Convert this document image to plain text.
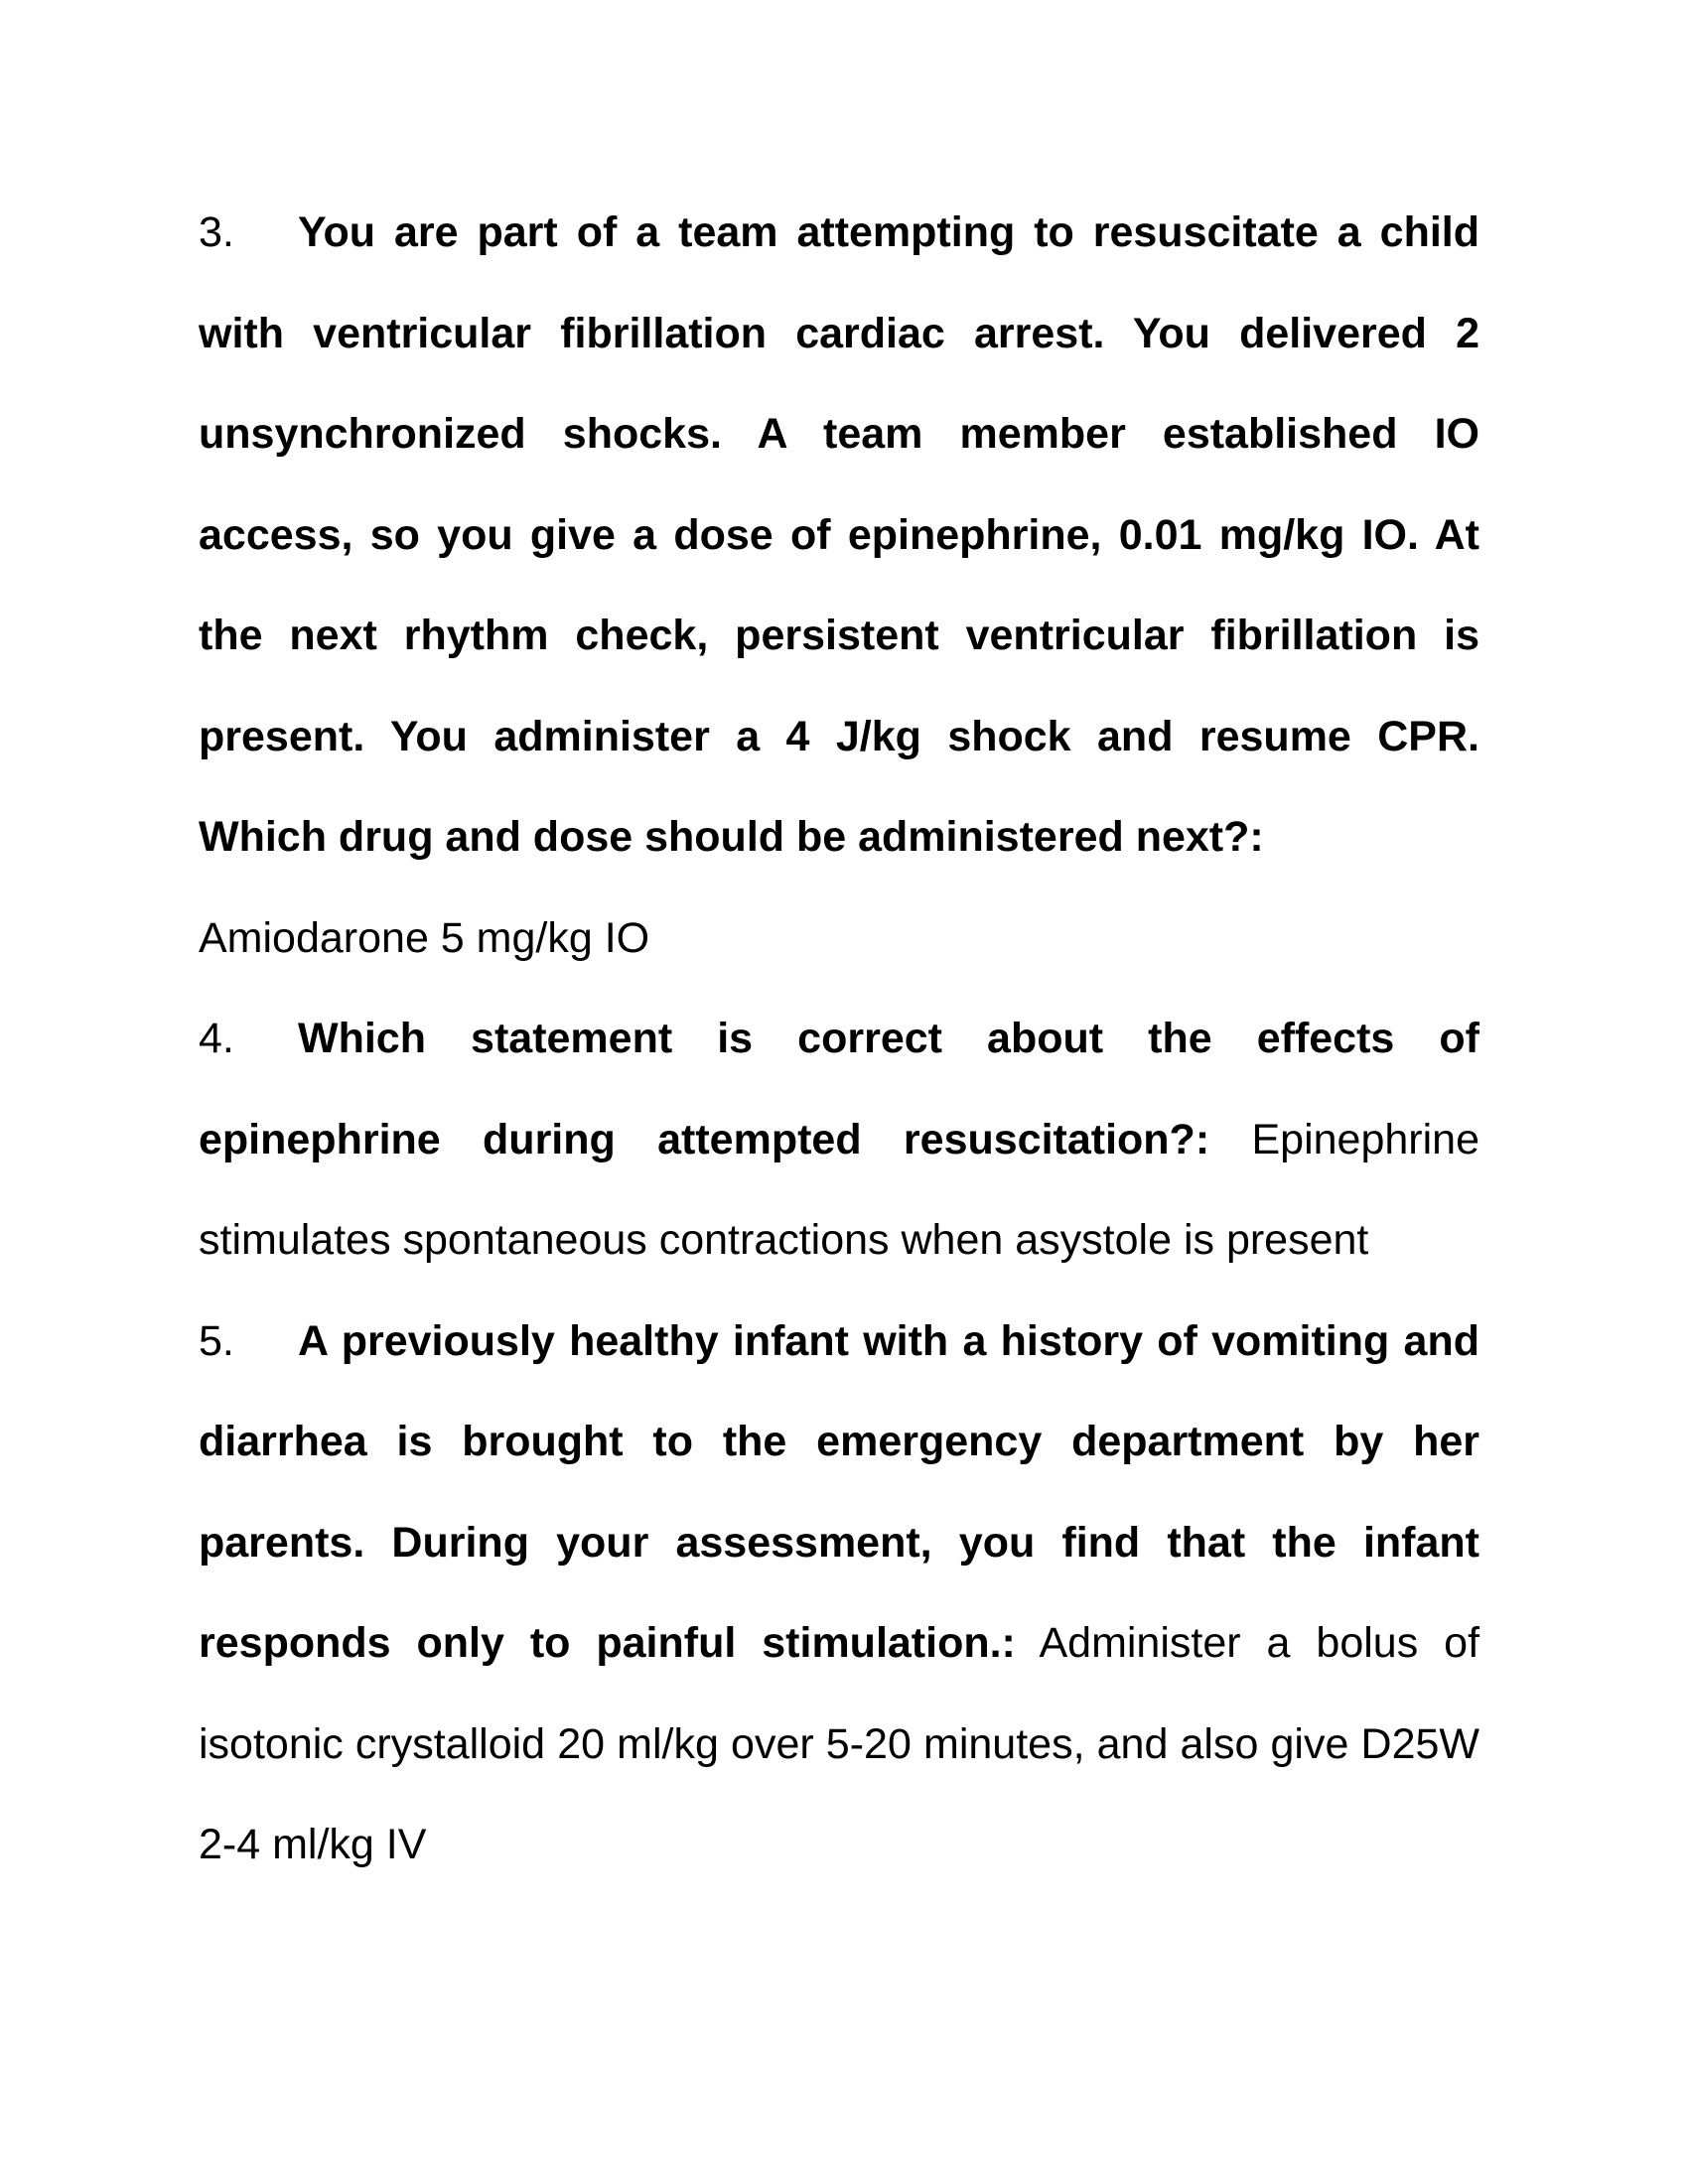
3. You are part of a team attempting to resuscitate a child with ventricular fibrillation cardiac arrest. You delivered 2 unsynchronized shocks. A team member established IO access, so you give a dose of epinephrine, 0.01 mg/kg IO. At the next rhythm check, persistent ventricular fibrillation is present. You administer a 4 J/kg shock and resume CPR. Which drug and dose should be administered next?:
Amiodarone 5 mg/kg IO

4. Which statement is correct about the effects of epinephrine during attempted resuscitation?: Epinephrine stimulates spontaneous contractions when asystole is present

5. A previously healthy infant with a history of vomiting and diarrhea is brought to the emergency department by her parents. During your assessment, you find that the infant responds only to painful stimulation.: Administer a bolus of isotonic crystalloid 20 ml/kg over 5-20 minutes, and also give D25W 2-4 ml/kg IV
